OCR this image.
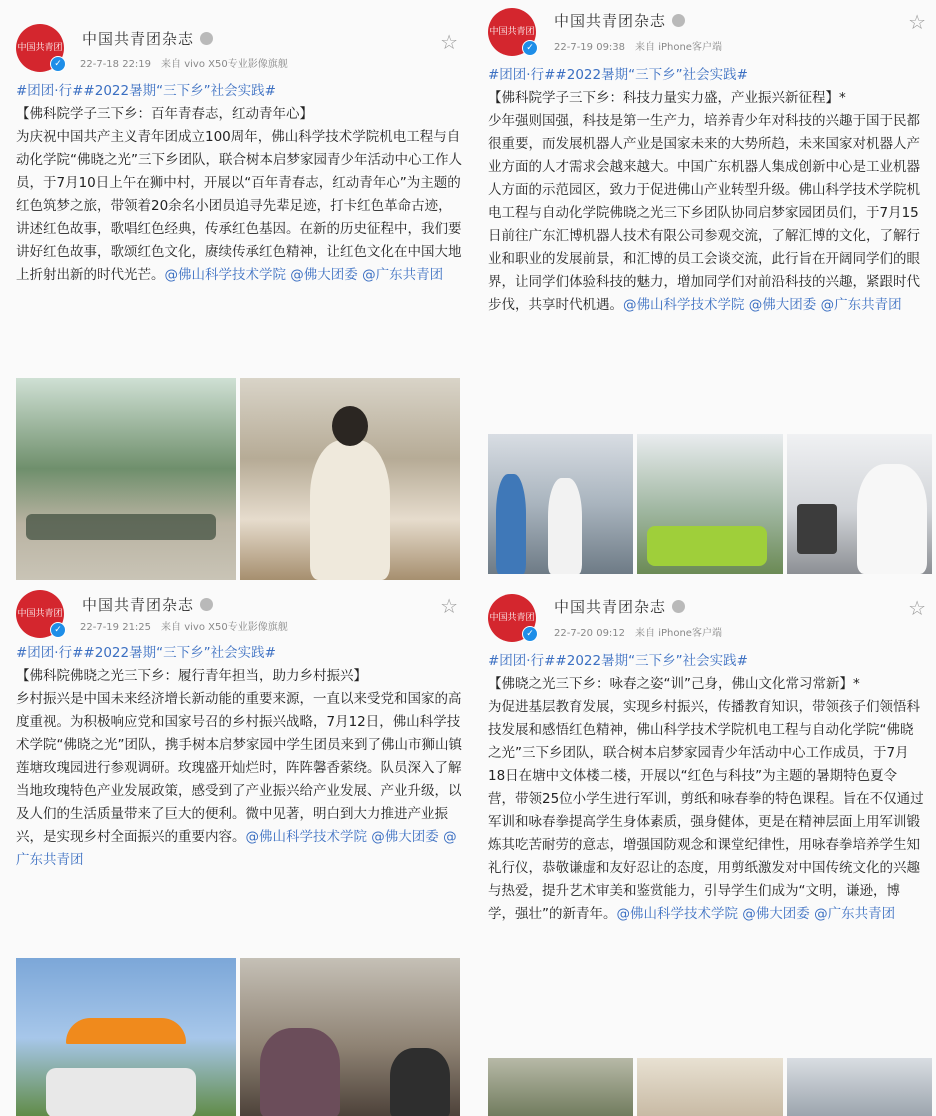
中国共青团
✓
中国共青团杂志
22-7-18 22:19 来自 vivo X50专业影像旗舰
☆
#团团·行##2022暑期“三下乡”社会实践#
【佛科院学子三下乡：百年青春志，红动青年心】
为庆祝中国共产主义青年团成立100周年，佛山科学技术学院机电工程与自动化学院“佛晓之光”三下乡团队，联合树本启梦家园青少年活动中心工作人员，于7月10日上午在狮中村，开展以“百年青春志，红动青年心”为主题的红色筑梦之旅，带领着20余名小团员追寻先辈足迹，打卡红色革命古迹，讲述红色故事，歌唱红色经典，传承红色基因。在新的历史征程中，我们要讲好红色故事，歌颂红色文化，赓续传承红色精神，让红色文化在中国大地上折射出新的时代光芒。@佛山科学技术学院 @佛大团委 @广东共青团
中国共青团
✓
中国共青团杂志
22-7-19 09:38 来自 iPhone客户端
☆
#团团·行##2022暑期“三下乡”社会实践#
【佛科院学子三下乡：科技力量实力盛，产业振兴新征程】*
少年强则国强，科技是第一生产力，培养青少年对科技的兴趣于国于民都很重要，而发展机器人产业是国家未来的大势所趋，未来国家对机器人产业方面的人才需求会越来越大。中国广东机器人集成创新中心是工业机器人方面的示范园区，致力于促进佛山产业转型升级。佛山科学技术学院机电工程与自动化学院佛晓之光三下乡团队协同启梦家园团员们，于7月15日前往广东汇博机器人技术有限公司参观交流，了解汇博的文化，了解行业和职业的发展前景，和汇博的员工会谈交流，此行旨在开阔同学们的眼界，让同学们体验科技的魅力，增加同学们对前沿科技的兴趣，紧跟时代步伐，共享时代机遇。@佛山科学技术学院 @佛大团委 @广东共青团
中国共青团
✓
中国共青团杂志
22-7-19 21:25 来自 vivo X50专业影像旗舰
☆
#团团·行##2022暑期“三下乡”社会实践#
【佛科院佛晓之光三下乡：履行青年担当，助力乡村振兴】
乡村振兴是中国未来经济增长新动能的重要来源，一直以来受党和国家的高度重视。为积极响应党和国家号召的乡村振兴战略，7月12日，佛山科学技术学院“佛晓之光”团队，携手树本启梦家园中学生团员来到了佛山市狮山镇莲塘玫瑰园进行参观调研。玫瑰盛开灿烂时，阵阵馨香萦绕。队员深入了解当地玫瑰特色产业发展政策，感受到了产业振兴给产业发展、产业升级，以及人们的生活质量带来了巨大的便利。微中见著，明白到大力推进产业振兴，是实现乡村全面振兴的重要内容。@佛山科学技术学院 @佛大团委 @广东共青团
中国共青团
✓
中国共青团杂志
22-7-20 09:12 来自 iPhone客户端
☆
#团团·行##2022暑期“三下乡”社会实践#
【佛晓之光三下乡：咏春之姿“训”己身，佛山文化常习常新】*
为促进基层教育发展，实现乡村振兴，传播教育知识，带领孩子们领悟科技发展和感悟红色精神，佛山科学技术学院机电工程与自动化学院“佛晓之光”三下乡团队，联合树本启梦家园青少年活动中心工作成员，于7月18日在塘中文体楼二楼，开展以“红色与科技”为主题的暑期特色夏令营，带领25位小学生进行军训，剪纸和咏春拳的特色课程。旨在不仅通过军训和咏春拳提高学生身体素质，强身健体，更是在精神层面上用军训锻炼其吃苦耐劳的意志，增强国防观念和课堂纪律性，用咏春拳培养学生知礼行仪，恭敬谦虚和友好忍让的态度，用剪纸激发对中国传统文化的兴趣与热爱，提升艺术审美和鉴赏能力，引导学生们成为“文明，谦逊，博学，强壮”的新青年。@佛山科学技术学院 @佛大团委 @广东共青团
